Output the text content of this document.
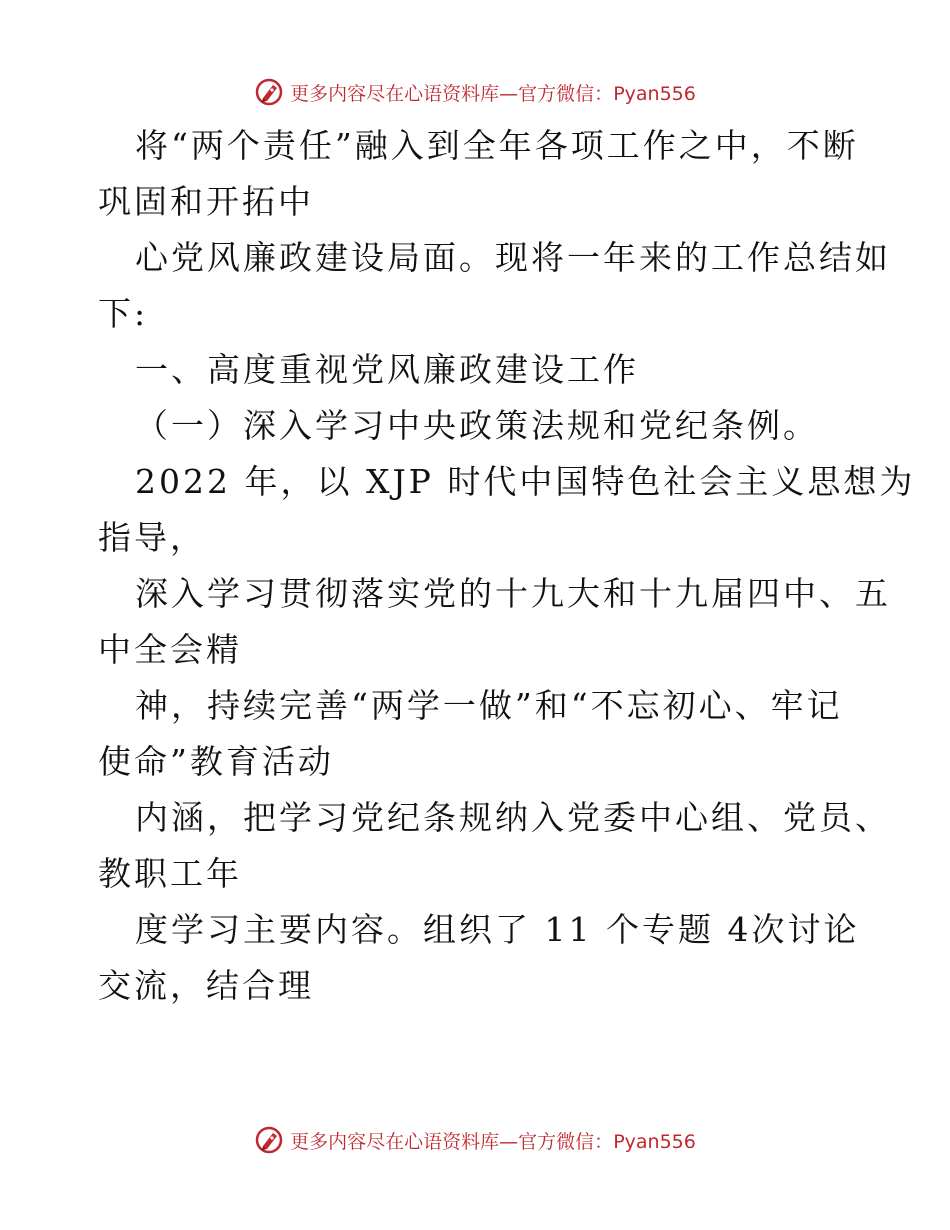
更多内容尽在心语资料库—官方微信：Pyan556
将“两个责任”融入到全年各项工作之中，不断
巩固和开拓中
心党风廉政建设局面。现将一年来的工作总结如
下:
一、高度重视党风廉政建设工作
（一）深入学习中央政策法规和党纪条例。
2022 年，以 XJP 时代中国特色社会主义思想为
指导，
深入学习贯彻落实党的十九大和十九届四中、五
中全会精
神，持续完善“两学一做”和“不忘初心、牢记
使命”教育活动
内涵，把学习党纪条规纳入党委中心组、党员、
教职工年
度学习主要内容。组织了 11 个专题 4次讨论
交流，结合理
更多内容尽在心语资料库—官方微信：Pyan556
